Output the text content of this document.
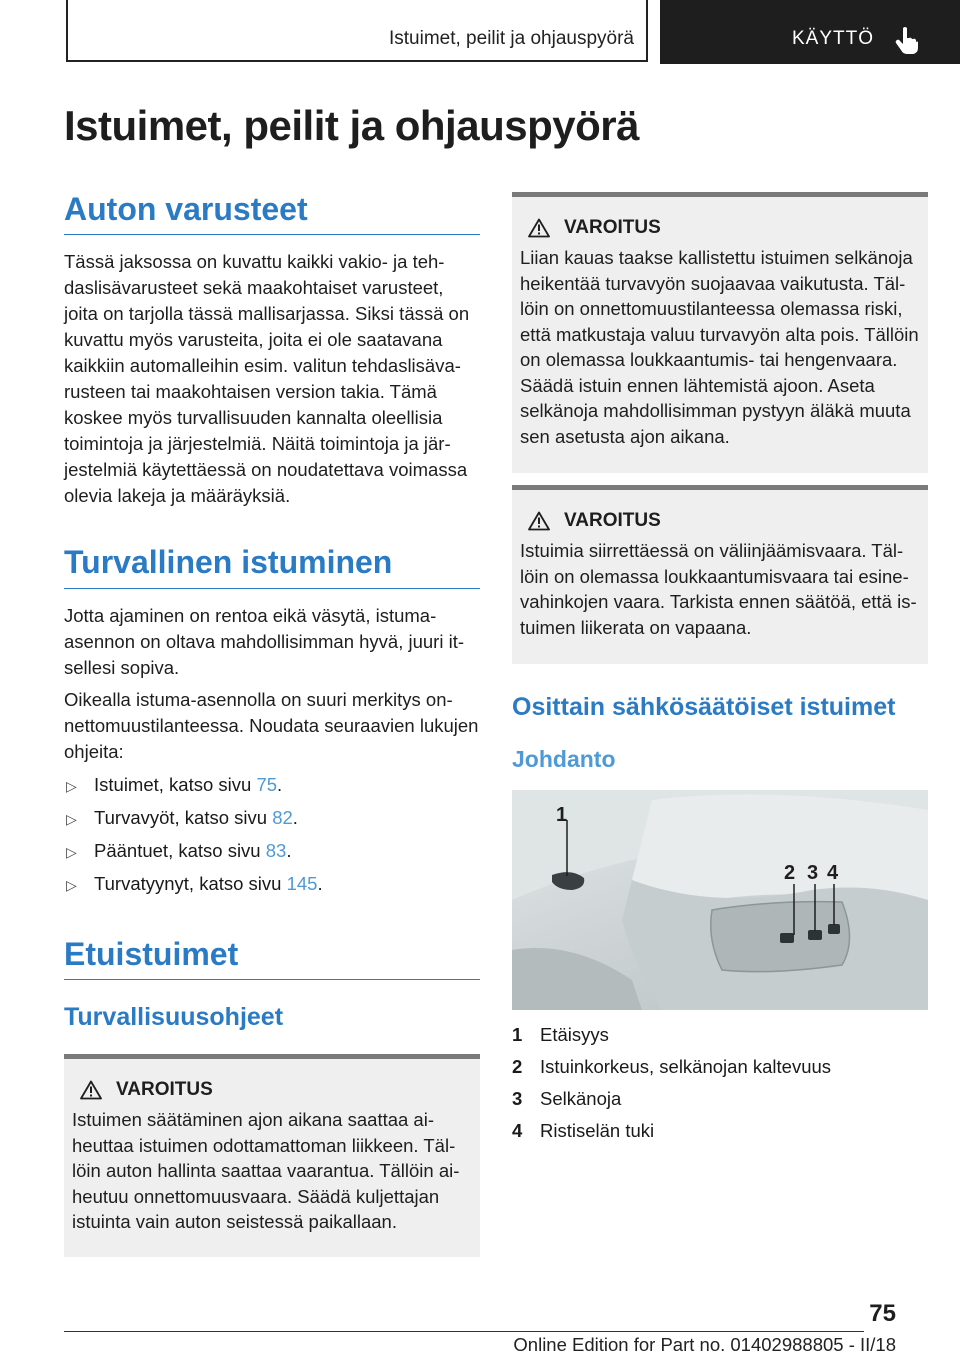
Istuimet, peilit ja ohjauspyörä	KÄYTTÖ
Istuimet, peilit ja ohjauspyörä
Auton varusteet

Tässä jaksossa on kuvattu kaikki vakio- ja tehdaslisävarusteet sekä maakohtaiset varusteet, joita on tarjolla tässä mallisarjassa. Siksi tässä on kuvattu myös varusteita, joita ei ole saatavana kaikkiin automalleihin esim. valitun tehdaslisävarusteen tai maakohtaisen version takia. Tämä koskee myös turvallisuuden kannalta oleellisia toimintoja ja järjestelmiä. Näitä toimintoja ja järjestelmiä käytettäessä on noudatettava voimassa olevia lakeja ja määräyksiä.

Turvallinen istuminen

Jotta ajaminen on rentoa eikä väsytä, istuma-asennon on oltava mahdollisimman hyvä, juuri itsellesi sopiva.

Oikealla istuma-asennolla on suuri merkitys onnettomuustilanteessa. Noudata seuraavien lukujen ohjeita:

▷ Istuimet, katso sivu 75.
▷ Turvavyöt, katso sivu 82.
▷ Pääntuet, katso sivu 83.
▷ Turvatyynyt, katso sivu 145.
Etuistuimet
Turvallisuusohjeet
VAROITUS

Istuimen säätäminen ajon aikana saattaa aiheuttaa istuimen odottamattoman liikkeen. Tällöin auton hallinta saattaa vaarantua. Tällöin aiheutuu onnettomuusvaara. Säädä kuljettajan istuinta vain auton seistessä paikallaan.

VAROITUS

Liian kauas taakse kallistettu istuimen selkänoja heikentää turvavyön suojaavaa vaikutusta. Tällöin on onnettomuustilanteessa olemassa riski, että matkustaja valuu turvavyön alta pois. Tällöin on olemassa loukkaantumis- tai hengenvaara. Säädä istuin ennen lähtemistä ajoon. Aseta selkänoja mahdollisimman pystyyn äläkä muuta sen asetusta ajon aikana.

VAROITUS

Istuimia siirrettäessä on väliinjäämisvaara. Tällöin on olemassa loukkaantumisvaara tai esinevahinkojen vaara. Tarkista ennen säätöä, että istuimen liikerata on vapaana.

Osittain sähkösäätöiset istuimet
Johdanto
1
2 3 4
1 Etäisyys
2 Istuinkorkeus, selkänojan kaltevuus
3 Selkänoja
4 Ristiselän tuki
75
Online Edition for Part no. 01402988805 - II/18
